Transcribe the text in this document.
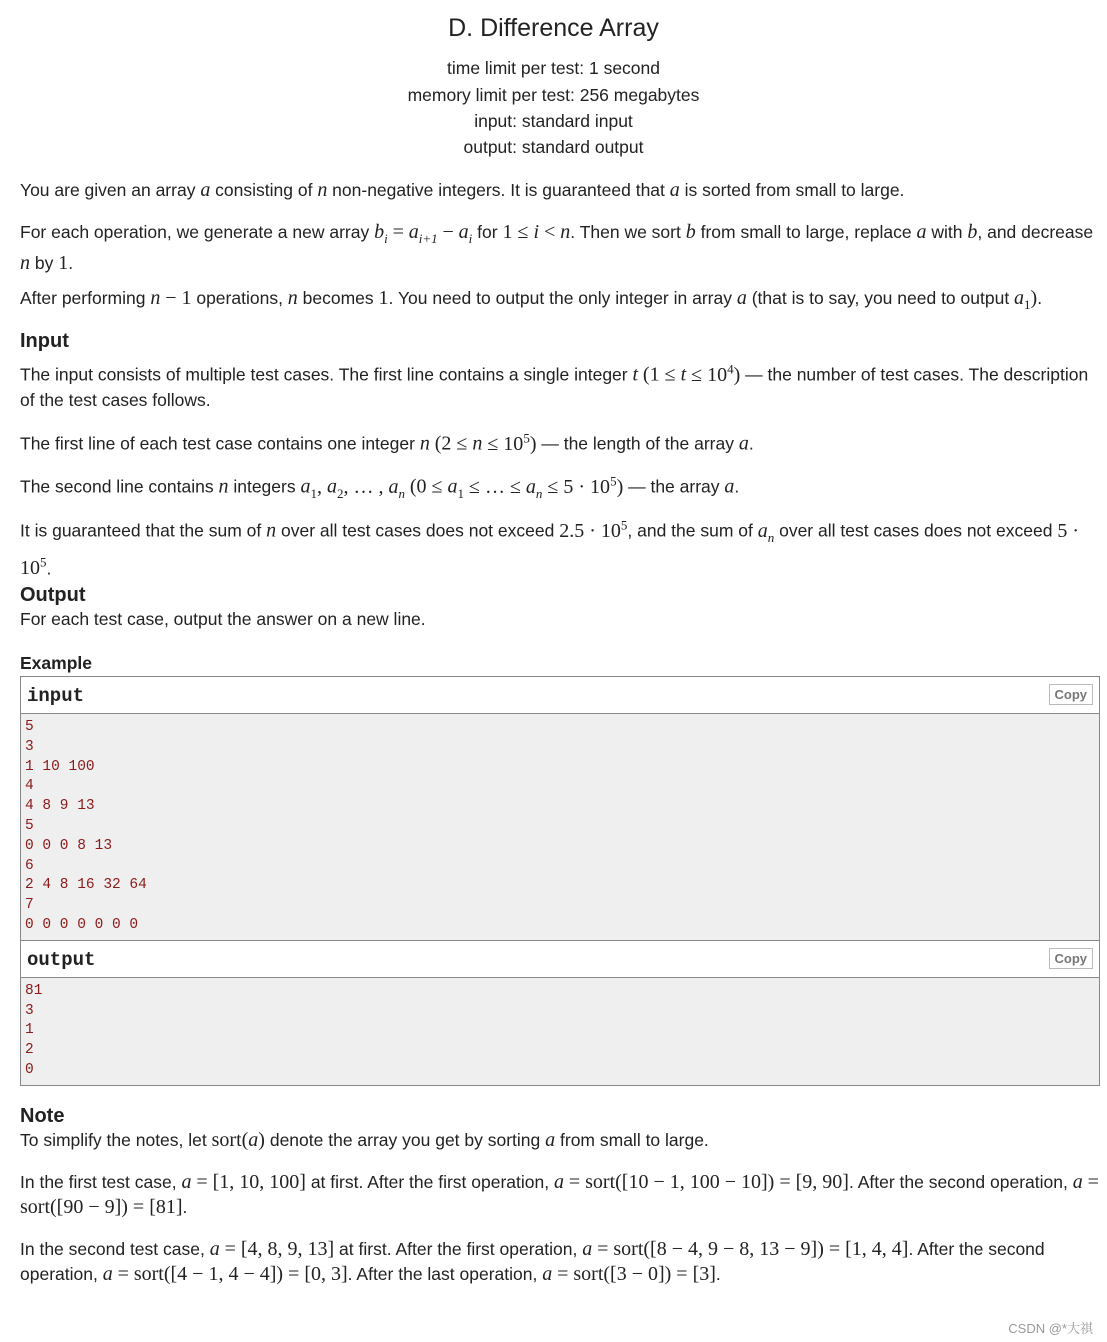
D. Difference Array
time limit per test: 1 second
memory limit per test: 256 megabytes
input: standard input
output: standard output
You are given an array a consisting of n non-negative integers. It is guaranteed that a is sorted from small to large.
For each operation, we generate a new array $b_i = a_{i+1} - a_i$ for 1 ≤ i < n. Then we sort b from small to large, replace a with b, and decrease n by 1.
After performing n − 1 operations, n becomes 1. You need to output the only integer in array a (that is to say, you need to output $a_1$).
Input
The input consists of multiple test cases. The first line contains a single integer t $(1 \le t \le 10^4)$ — the number of test cases. The description of the test cases follows.
The first line of each test case contains one integer n $(2 \le n \le 10^5)$ — the length of the array a.
The second line contains n integers $a_1$, $a_2$, … , $a_n$ ($0 \le a_1$ ≤ … ≤ $a_n \le 5 \cdot 10^5$) — the array a.
It is guaranteed that the sum of n over all test cases does not exceed $2.5 \cdot 10^5$, and the sum of $a_n$ over all test cases does not exceed $5 \cdot 10^5$.
Output
For each test case, output the answer on a new line.
Example
input	Copy
5
3
1 10 100
4
4 8 9 13
5
0 0 0 8 13
6
2 4 8 16 32 64
7
0 0 0 0 0 0 0
output	Copy
81
3
1
2
0
Note
To simplify the notes, let sort(a) denote the array you get by sorting a from small to large.
In the first test case, a = [1, 10, 100] at first. After the first operation, a = sort([10 − 1, 100 − 10]) = [9, 90]. After the second operation, a = sort([90 − 9]) = [81].
In the second test case, a = [4, 8, 9, 13] at first. After the first operation, a = sort([8 − 4, 9 − 8, 13 − 9]) = [1, 4, 4]. After the second operation, a = sort([4 − 1, 4 − 4]) = [0, 3]. After the last operation, a = sort([3 − 0]) = [3].
CSDN @*大祺
